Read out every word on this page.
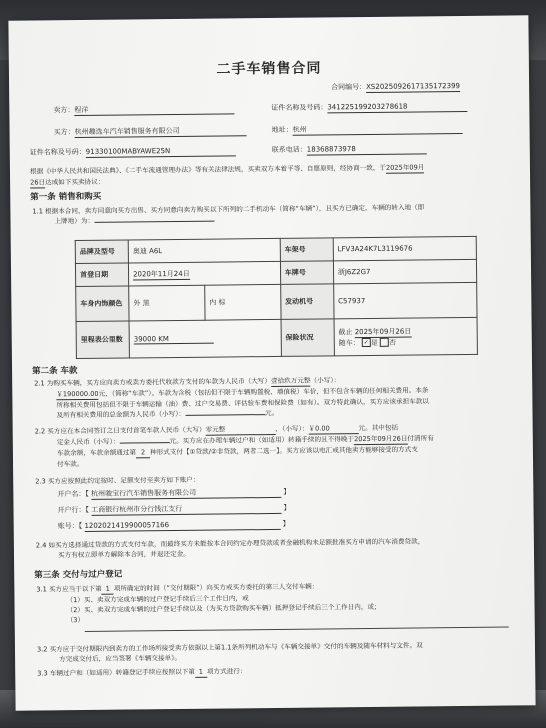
二手车销售合同
合同编号：XS2025092617135172399
卖方：程洋	证件名称及号码：341225199203278618
买方：杭州趣选车汽车销售服务有限公司	地址：杭州
证件名称及号码：91330100MABYAWE25N	联系电话：18368873978
根据《中华人民共和国民法典》、《二手车流通管理办法》等有关法律法规，买卖双方本着平等、自愿原则，经协商一致，于2025年09月
26日达成如下买卖协议：
第一条 销售和购买
1.1 根据本合同，卖方同意向买方出售、买方同意向卖方购买以下所列的二手机动车（简称“车辆”），且买方已确定，车辆的转入地（即
上牌地）为：
品牌及型号	奥迪 A6L		车架号	LFV3A24K7L3119676
首登日期	2020年11月24日		车牌号	浙J6Z2G7
车身内饰颜色	外 黑	内 棕	发动机号	C57937
里程表公里数	39000 KM		保险状况	截止 2025年09月26日
随车： ✓ 是 否
第二条 车款
2.1 为购买车辆，买方应向卖方或卖方委托代收款方支付的车款为人民币（大写）壹拾玖万元整（小写）：
￥190000.00元，（简称“车款”）。车款为含税（包括但不限于车辆购置税、增值税）车价，但不包含车辆的任何相关费用。本条
所称相关费用包括但不限于车辆运输（油）费、过户交易费、评估验车费和保险费（如有）。双方特此确认，买方应该承担车款以
及所有相关费用的总金额为人民币（小写）：	元。
2.2 买方应在本合同签订之日支付首笔车款人民币（大写）零元整	，（小写）：￥0.00	元。其中包括
定金人民币（小写）：	元。买方应在办理车辆过户和（如适用）转籍手续的且不得晚于2025年09月26日付清所有
车款余额，车款余额通过第 2 种形式支付【①贷款/②非贷款，两者二选一】。买方应该以电汇或其他卖方能够接受的方式支
付车款。
2.3 买方应按照此约定按时、足额支付至卖方如下账户：
开户名：【 杭州骏宝行汽车销售服务有限公司	】
开户行：【 工商银行杭州市分行钱江支行	】
账号：【 1202021419900057166	】
2.4 如买方选择通过贷款的方式支付车款，而最终买方未能按本合同约定办理贷款或者金融机构未足额批准买方申请的汽车消费贷款，
买方有权立即单方解除本合同，并退还定金。
第三条 交付与过户登记
3.1 买方应当于以下第 1 项所确定的时间（“交付期限”）向买方或买方委托的第三人交付车辆：
（1）买、卖双方完成车辆的过户登记手续后三个工作日内，或
（2）买、卖双方完成车辆的过户登记手续以及（为买方贷款购买车辆）抵押登记手续后三个工作日内，或；
（3）
3.2 买方应于交付期限内到卖方的工作场所接受卖方依据以上第1.1条所列机动车与《车辆交接单》交付的车辆及随车材料与文件。双
方完成交付后，应当签署《车辆交接单》。
3.3 车辆过户和（如适用）转籍登记手续应按照以下第 1 项方式进行：
